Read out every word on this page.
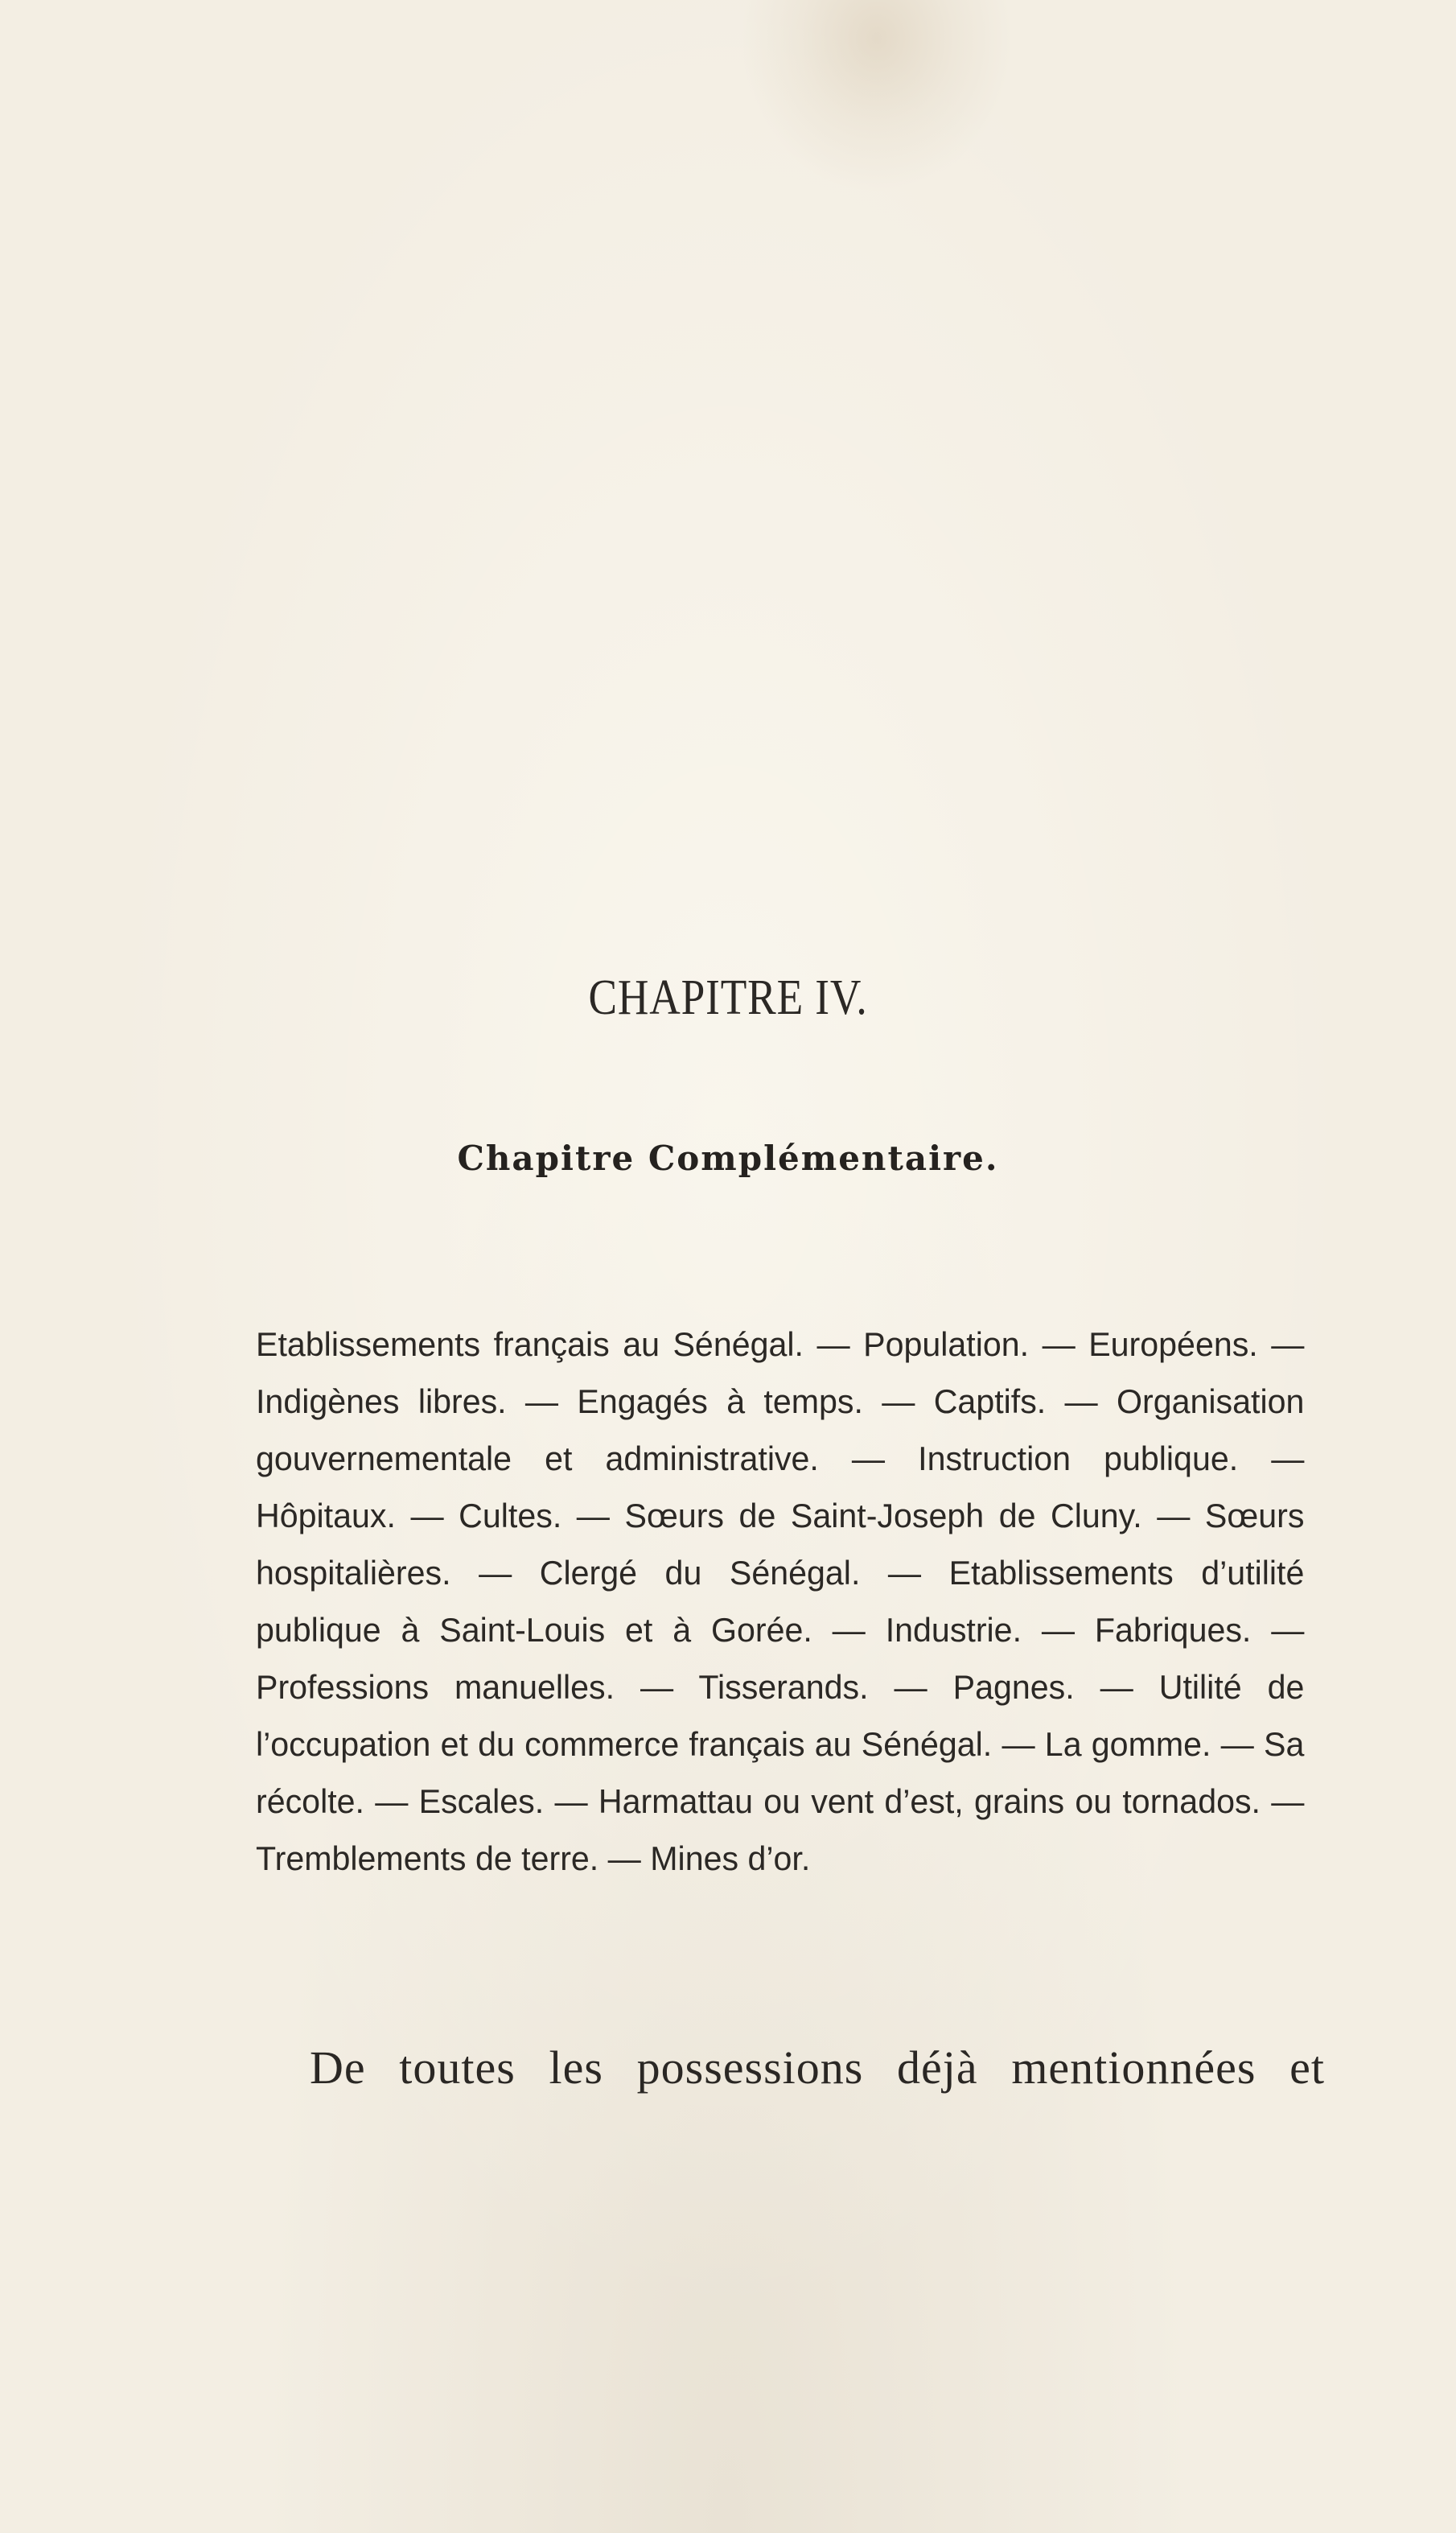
CHAPITRE IV.
Chapitre Complémentaire.

Etablissements français au Sénégal. — Population. — Européens. — Indigènes libres. — Engagés à temps. — Captifs. — Organisation gouvernementale et administrative. — Instruction publique. — Hôpitaux. — Cultes. — Sœurs de Saint-Joseph de Cluny. — Sœurs hospitalières. — Clergé du Sénégal. — Etablissements d’utilité publique à Saint-Louis et à Gorée. — Industrie. — Fabriques. — Professions manuelles. — Tisserands. — Pagnes. — Utilité de l’occupation et du commerce français au Sénégal. — La gomme. — Sa récolte. — Escales. — Harmattau ou vent d’est, grains ou tornados. — Tremblements de terre. — Mines d’or.

De toutes les possessions déjà mentionnées et
